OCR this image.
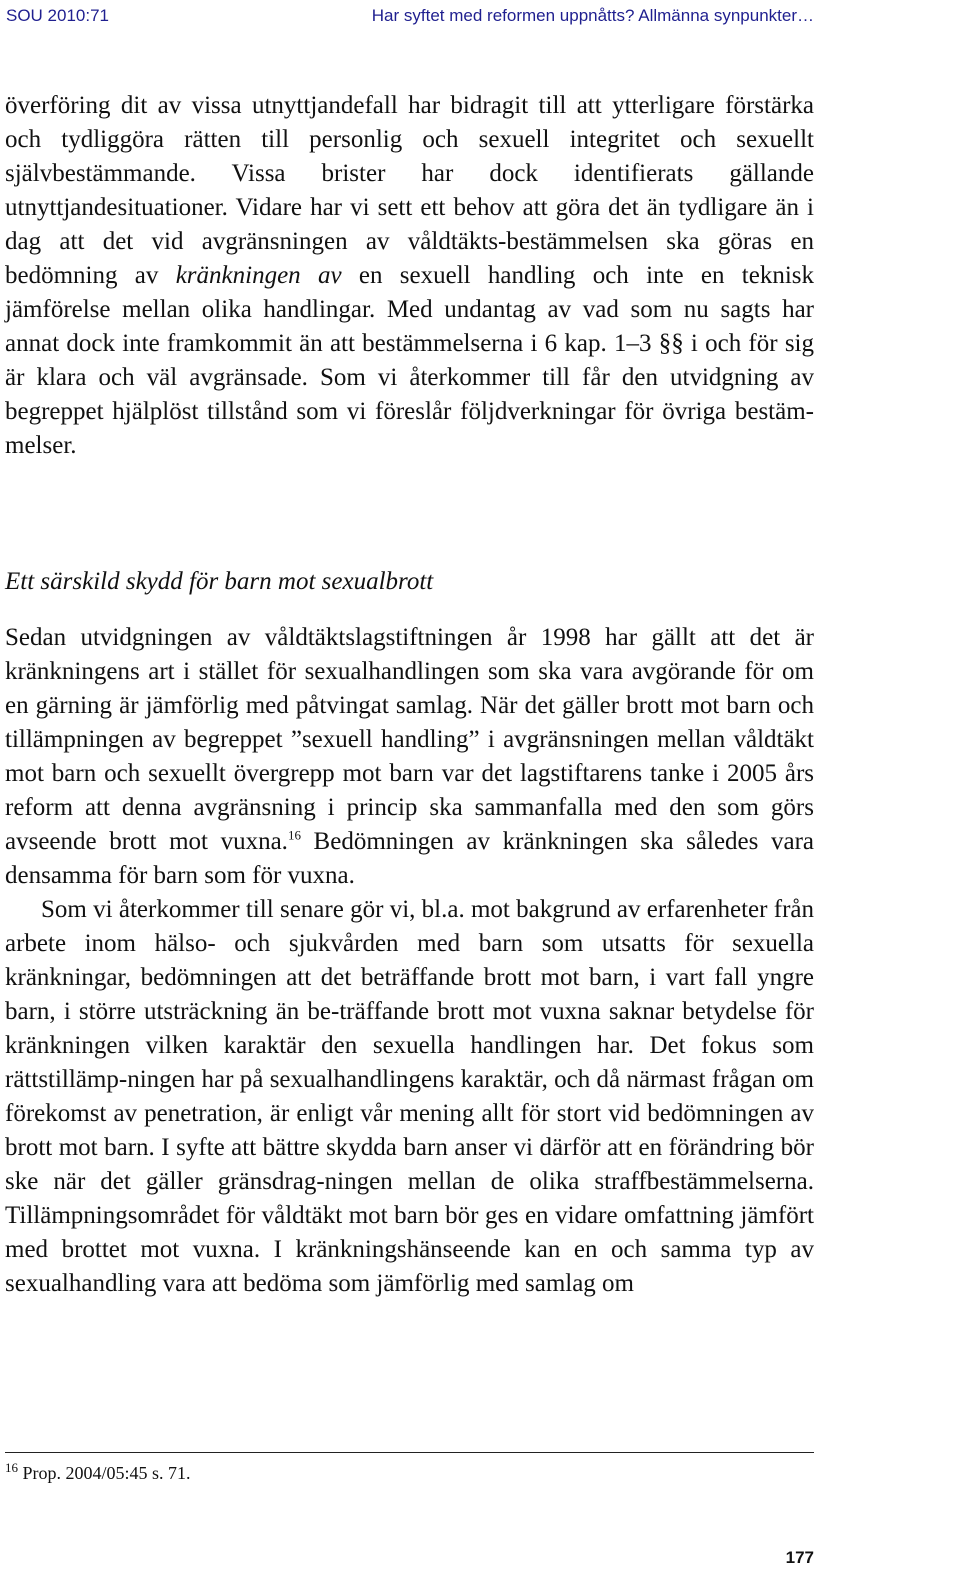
SOU 2010:71	Har syftet med reformen uppnåtts? Allmänna synpunkter…

överföring dit av vissa utnyttjandefall har bidragit till att ytterligare förstärka och tydliggöra rätten till personlig och sexuell integritet och sexuellt självbestämmande. Vissa brister har dock identifierats gällande utnyttjandesituationer. Vidare har vi sett ett behov att göra det än tydligare än i dag att det vid avgränsningen av våldtäkts-bestämmelsen ska göras en bedömning av kränkningen av en sexuell handling och inte en teknisk jämförelse mellan olika handlingar. Med undantag av vad som nu sagts har annat dock inte framkommit än att bestämmelserna i 6 kap. 1–3 §§ i och för sig är klara och väl avgränsade. Som vi återkommer till får den utvidgning av begreppet hjälplöst tillstånd som vi föreslår följdverkningar för övriga bestäm-melser.

Ett särskild skydd för barn mot sexualbrott

Sedan utvidgningen av våldtäktslagstiftningen år 1998 har gällt att det är kränkningens art i stället för sexualhandlingen som ska vara avgörande för om en gärning är jämförlig med påtvingat samlag. När det gäller brott mot barn och tillämpningen av begreppet ”sexuell handling” i avgränsningen mellan våldtäkt mot barn och sexuellt övergrepp mot barn var det lagstiftarens tanke i 2005 års reform att denna avgränsning i princip ska sammanfalla med den som görs avseende brott mot vuxna.$^{16}$ Bedömningen av kränkningen ska således vara densamma för barn som för vuxna.

Som vi återkommer till senare gör vi, bl.a. mot bakgrund av erfarenheter från arbete inom hälso- och sjukvården med barn som utsatts för sexuella kränkningar, bedömningen att det beträffande brott mot barn, i vart fall yngre barn, i större utsträckning än be-träffande brott mot vuxna saknar betydelse för kränkningen vilken karaktär den sexuella handlingen har. Det fokus som rättstillämp-ningen har på sexualhandlingens karaktär, och då närmast frågan om förekomst av penetration, är enligt vår mening allt för stort vid bedömningen av brott mot barn. I syfte att bättre skydda barn anser vi därför att en förändring bör ske när det gäller gränsdrag-ningen mellan de olika straffbestämmelserna. Tillämpningsområdet för våldtäkt mot barn bör ges en vidare omfattning jämfört med brottet mot vuxna. I kränkningshänseende kan en och samma typ av sexualhandling vara att bedöma som jämförlig med samlag om

$^{16}$ Prop. 2004/05:45 s. 71.
177
